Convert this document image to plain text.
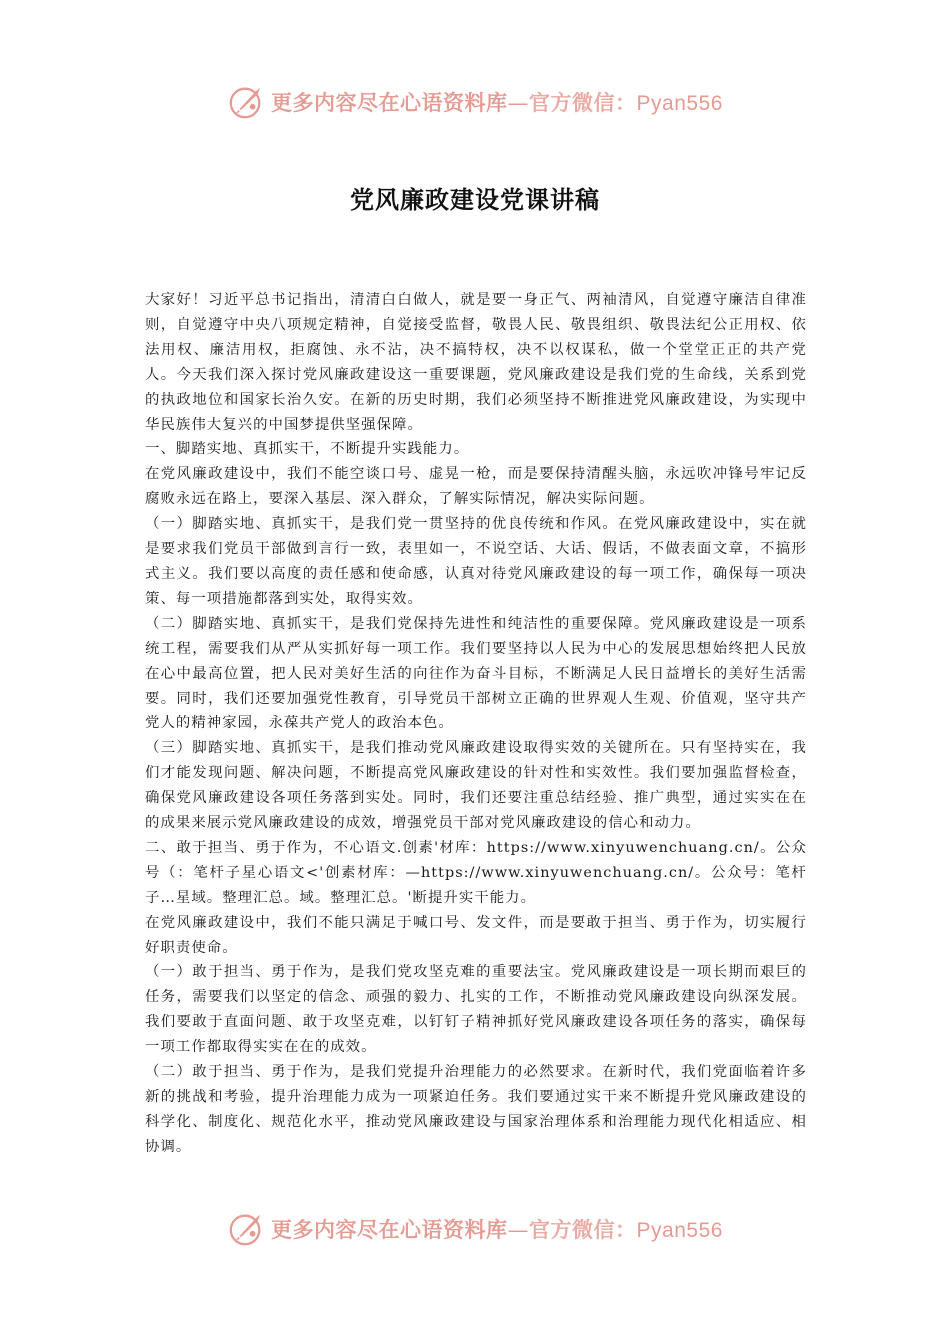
更多内容尽在心语资料库—官方微信：Pyan556
党风廉政建设党课讲稿

大家好！习近平总书记指出，清清白白做人，就是要一身正气、两袖清风，自觉遵守廉洁自律准则，自觉遵守中央八项规定精神，自觉接受监督，敬畏人民、敬畏组织、敬畏法纪公正用权、依法用权、廉洁用权，拒腐蚀、永不沾，决不搞特权，决不以权谋私，做一个堂堂正正的共产党人。今天我们深入探讨党风廉政建设这一重要课题，党风廉政建设是我们党的生命线，关系到党的执政地位和国家长治久安。在新的历史时期，我们必须坚持不断推进党风廉政建设，为实现中华民族伟大复兴的中国梦提供坚强保障。

一、脚踏实地、真抓实干，不断提升实践能力。

在党风廉政建设中，我们不能空谈口号、虚晃一枪，而是要保持清醒头脑，永远吹冲锋号牢记反腐败永远在路上，要深入基层、深入群众，了解实际情况，解决实际问题。

（一）脚踏实地、真抓实干，是我们党一贯坚持的优良传统和作风。在党风廉政建设中，实在就是要求我们党员干部做到言行一致，表里如一，不说空话、大话、假话，不做表面文章，不搞形式主义。我们要以高度的责任感和使命感，认真对待党风廉政建设的每一项工作，确保每一项决策、每一项措施都落到实处，取得实效。

（二）脚踏实地、真抓实干，是我们党保持先进性和纯洁性的重要保障。党风廉政建设是一项系统工程，需要我们从严从实抓好每一项工作。我们要坚持以人民为中心的发展思想始终把人民放在心中最高位置，把人民对美好生活的向往作为奋斗目标，不断满足人民日益增长的美好生活需要。同时，我们还要加强党性教育，引导党员干部树立正确的世界观人生观、价值观，坚守共产党人的精神家园，永葆共产党人的政治本色。

（三）脚踏实地、真抓实干，是我们推动党风廉政建设取得实效的关键所在。只有坚持实在，我们才能发现问题、解决问题，不断提高党风廉政建设的针对性和实效性。我们要加强监督检查，确保党风廉政建设各项任务落到实处。同时，我们还要注重总结经验、推广典型，通过实实在在的成果来展示党风廉政建设的成效，增强党员干部对党风廉政建设的信心和动力。

二、敢于担当、勇于作为，不心语文.创素'材库：https://www.xinyuwenchuang.cn/。公众号（：笔杆子星心语文<'创素材库：—https://www.xinyuwenchuang.cn/。公众号：笔杆子…星域。整理汇总。域。整理汇总。'断提升实干能力。

在党风廉政建设中，我们不能只满足于喊口号、发文件，而是要敢于担当、勇于作为，切实履行好职责使命。

（一）敢于担当、勇于作为，是我们党攻坚克难的重要法宝。党风廉政建设是一项长期而艰巨的任务，需要我们以坚定的信念、顽强的毅力、扎实的工作，不断推动党风廉政建设向纵深发展。我们要敢于直面问题、敢于攻坚克难，以钉钉子精神抓好党风廉政建设各项任务的落实，确保每一项工作都取得实实在在的成效。

（二）敢于担当、勇于作为，是我们党提升治理能力的必然要求。在新时代，我们党面临着许多新的挑战和考验，提升治理能力成为一项紧迫任务。我们要通过实干来不断提升党风廉政建设的科学化、制度化、规范化水平，推动党风廉政建设与国家治理体系和治理能力现代化相适应、相协调。

更多内容尽在心语资料库—官方微信：Pyan556
